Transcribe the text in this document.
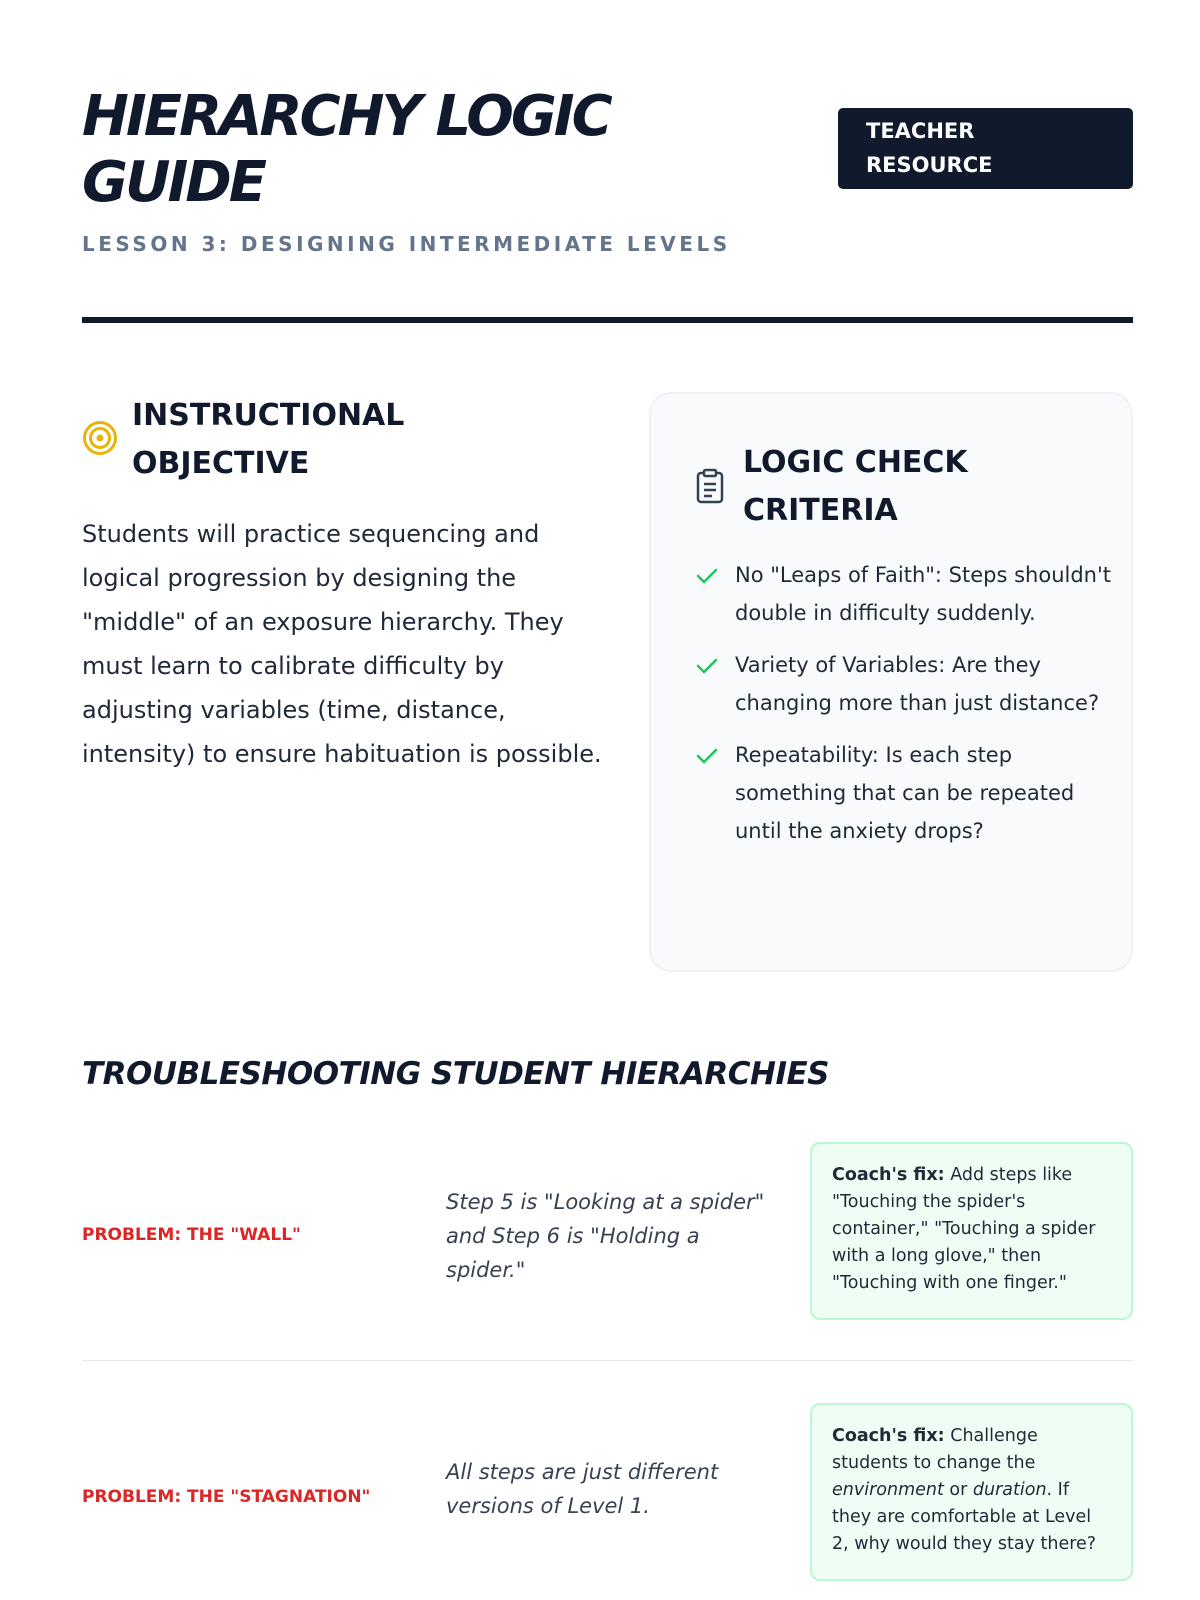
HIERARCHY LOGIC GUIDE
LESSON 3: DESIGNING INTERMEDIATE LEVELS
TEACHER RESOURCE
INSTRUCTIONAL OBJECTIVE

Students will practice sequencing and logical progression by designing the "middle" of an exposure hierarchy. They must learn to calibrate difficulty by adjusting variables (time, distance, intensity) to ensure habituation is possible.

LOGIC CHECK CRITERIA
No "Leaps of Faith": Steps shouldn't double in difficulty suddenly.
Variety of Variables: Are they changing more than just distance?
Repeatability: Is each step something that can be repeated until the anxiety drops?
TROUBLESHOOTING STUDENT HIERARCHIES
PROBLEM: THE "WALL"
Step 5 is "Looking at a spider" and Step 6 is "Holding a spider."
Coach's fix: Add steps like "Touching the spider's container," "Touching a spider with a long glove," then "Touching with one finger."
PROBLEM: THE "STAGNATION"
All steps are just different versions of Level 1.
Coach's fix: Challenge students to change the environment or duration. If they are comfortable at Level 2, why would they stay there?
